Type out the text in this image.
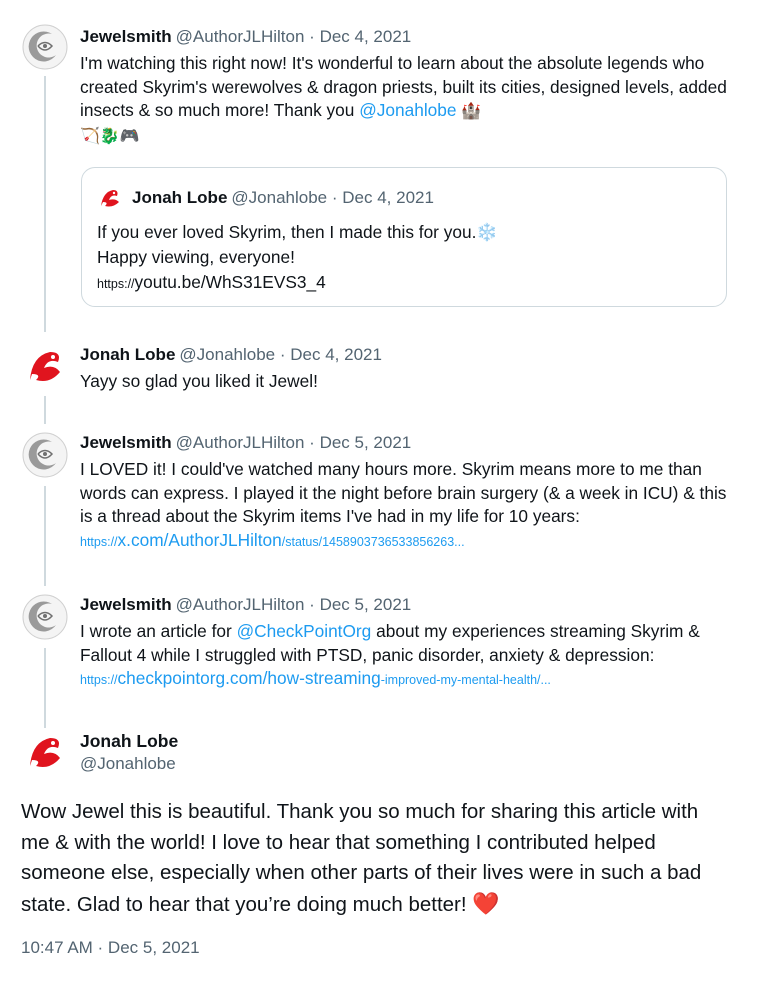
Jewelsmith @AuthorJLHilton · Dec 4, 2021
I'm watching this right now! It's wonderful to learn about the absolute legends who created Skyrim's werewolves & dragon priests, built its cities, designed levels, added insects & so much more! Thank you @Jonahlobe 🏰
🏹🐉🎮
Jonah Lobe @Jonahlobe · Dec 4, 2021
If you ever loved Skyrim, then I made this for you.❄️
Happy viewing, everyone!
https://youtu.be/WhS31EVS3_4
Jonah Lobe @Jonahlobe · Dec 4, 2021
Yayy so glad you liked it Jewel!
Jewelsmith @AuthorJLHilton · Dec 5, 2021
I LOVED it! I could've watched many hours more. Skyrim means more to me than words can express. I played it the night before brain surgery (& a week in ICU) & this is a thread about the Skyrim items I've had in my life for 10 years: https://x.com/AuthorJLHilton/status/1458903736533856263...
Jewelsmith @AuthorJLHilton · Dec 5, 2021
I wrote an article for @CheckPointOrg about my experiences streaming Skyrim & Fallout 4 while I struggled with PTSD, panic disorder, anxiety & depression: https://checkpointorg.com/how-streaming-improved-my-mental-health/...
Jonah Lobe
@Jonahlobe
Wow Jewel this is beautiful. Thank you so much for sharing this article with me & with the world! I love to hear that something I contributed helped someone else, especially when other parts of their lives were in such a bad state. Glad to hear that you’re doing much better! ❤️
10:47 AM · Dec 5, 2021
